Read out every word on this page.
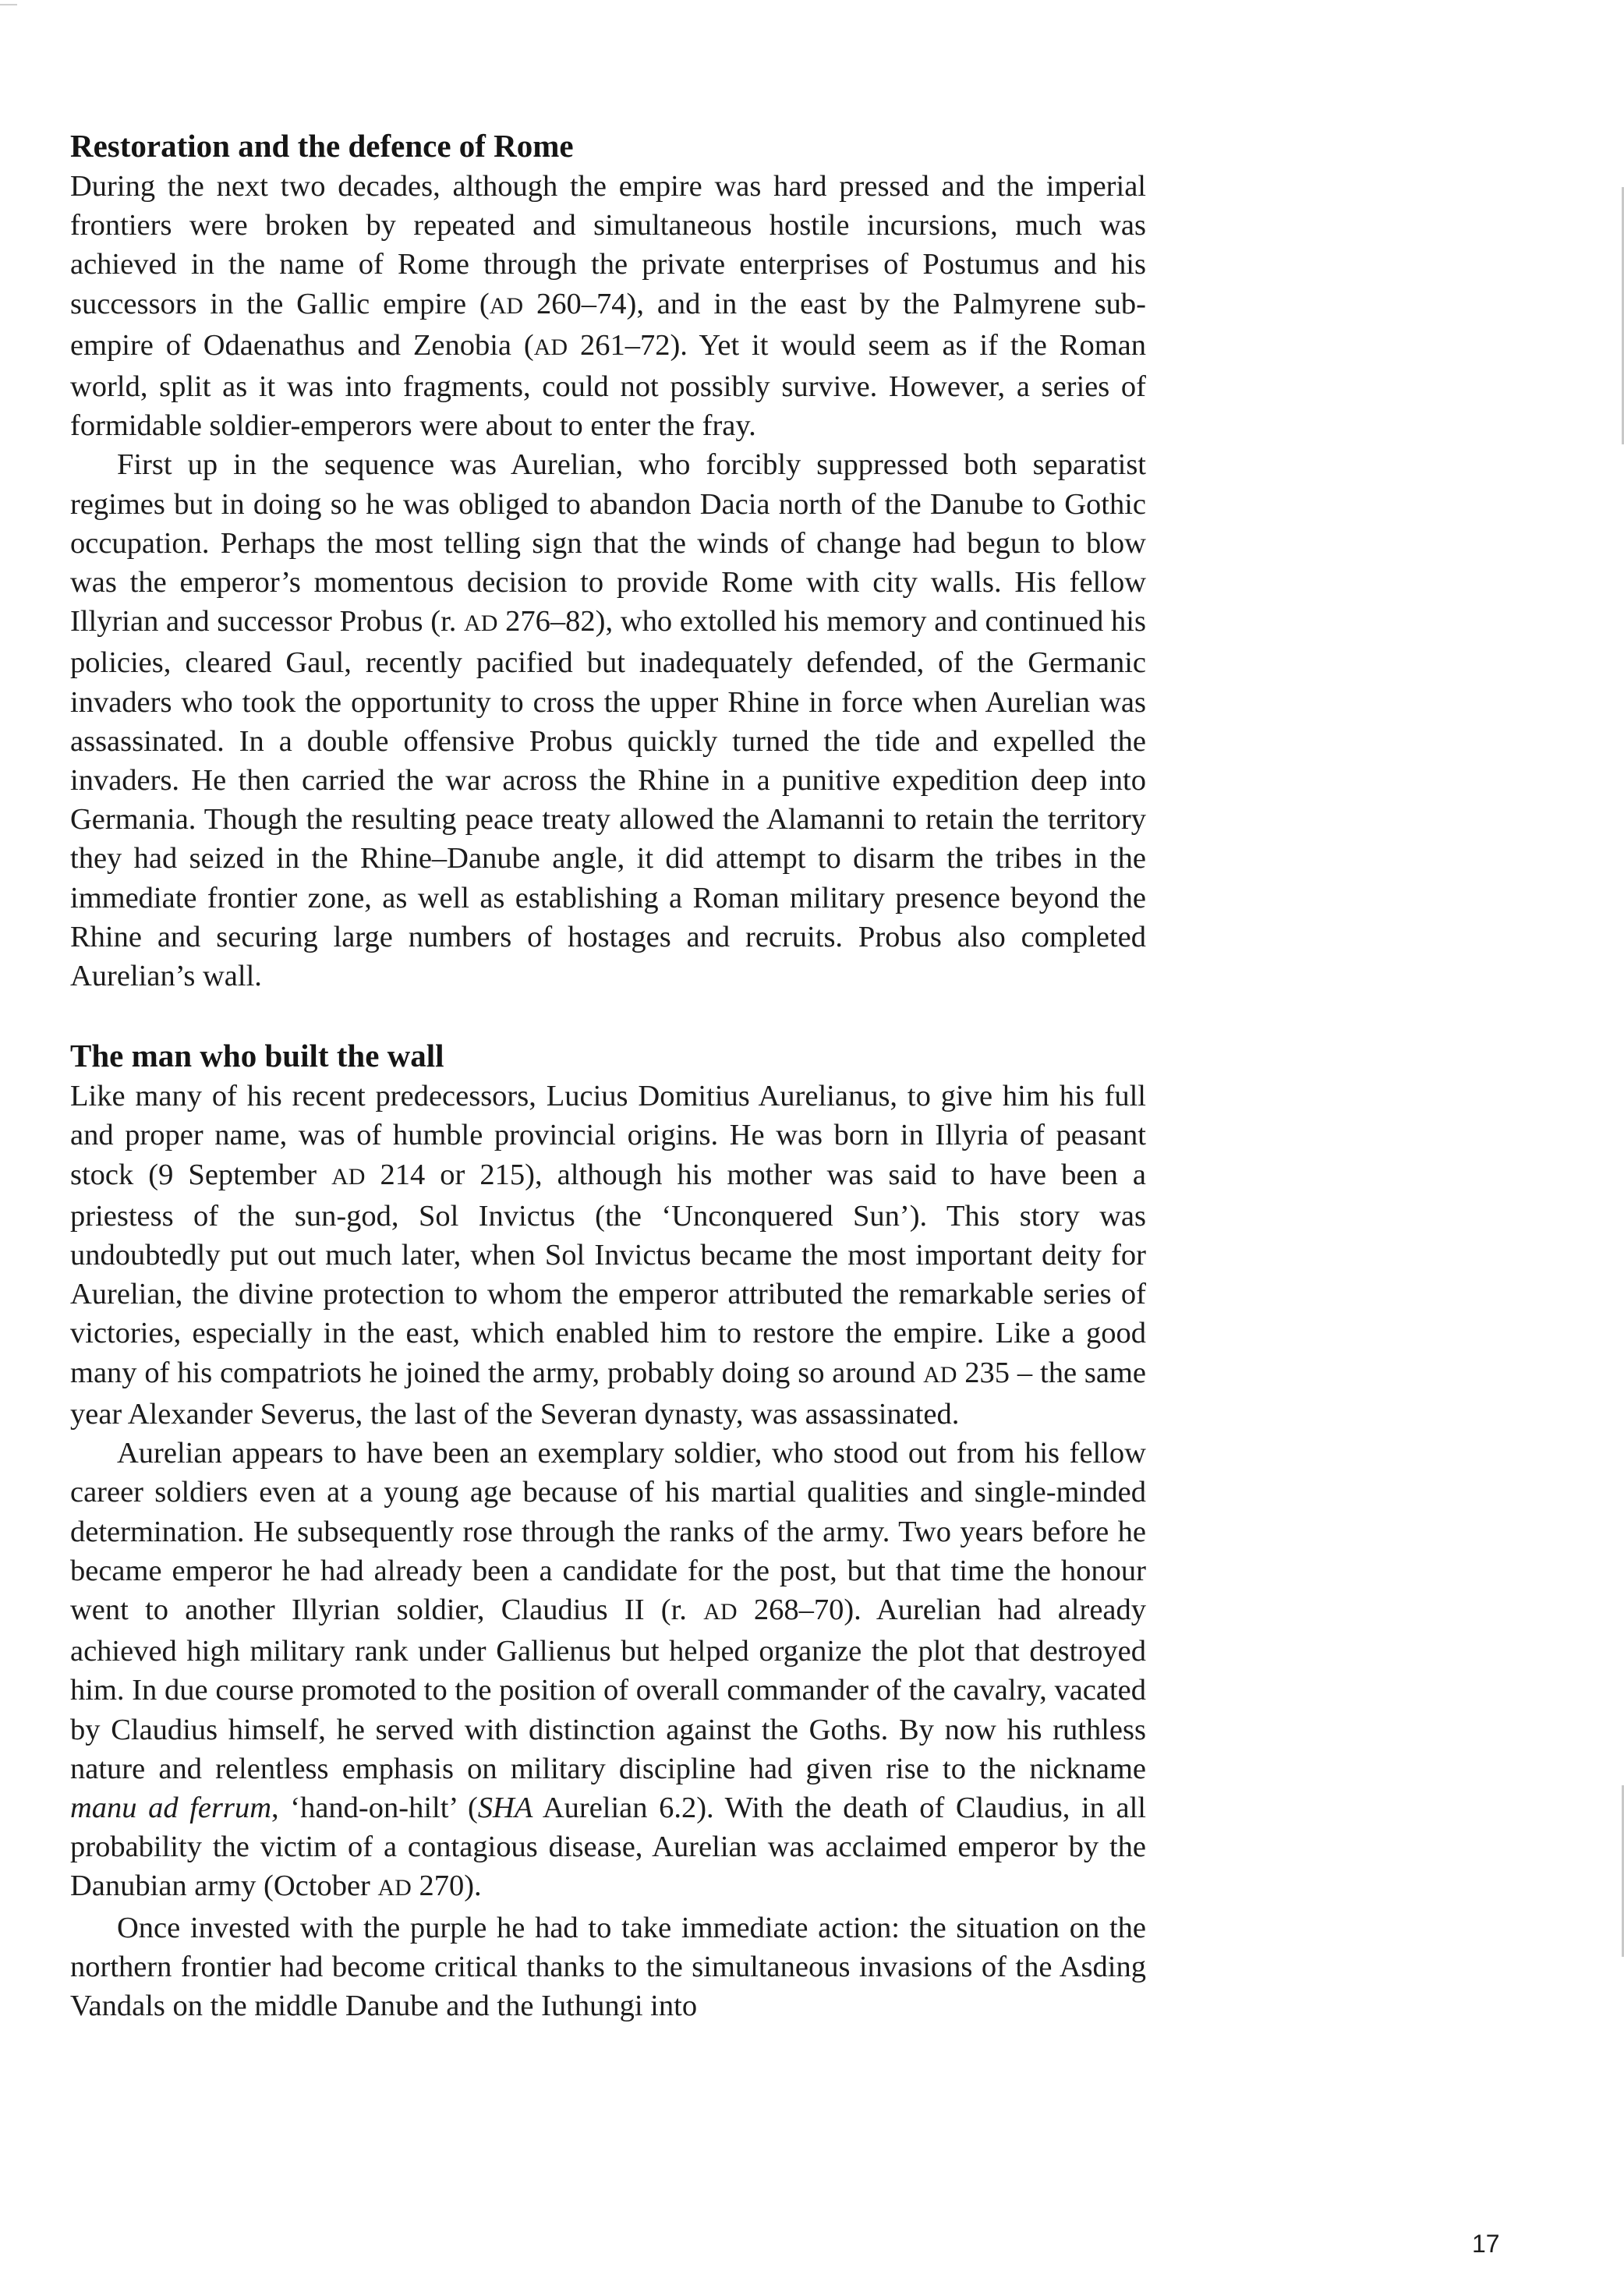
Restoration and the defence of Rome

During the next two decades, although the empire was hard pressed and the imperial frontiers were broken by repeated and simultaneous hostile incursions, much was achieved in the name of Rome through the private enterprises of Postumus and his successors in the Gallic empire (AD 260–74), and in the east by the Palmyrene sub-empire of Odaenathus and Zenobia (AD 261–72). Yet it would seem as if the Roman world, split as it was into fragments, could not possibly survive. However, a series of formidable soldier-emperors were about to enter the fray.

First up in the sequence was Aurelian, who forcibly suppressed both separatist regimes but in doing so he was obliged to abandon Dacia north of the Danube to Gothic occupation. Perhaps the most telling sign that the winds of change had begun to blow was the emperor’s momentous decision to provide Rome with city walls. His fellow Illyrian and successor Probus (r. AD 276–82), who extolled his memory and continued his policies, cleared Gaul, recently pacified but inadequately defended, of the Germanic invaders who took the opportunity to cross the upper Rhine in force when Aurelian was assassinated. In a double offensive Probus quickly turned the tide and expelled the invaders. He then carried the war across the Rhine in a punitive expedition deep into Germania. Though the resulting peace treaty allowed the Alamanni to retain the territory they had seized in the Rhine–Danube angle, it did attempt to disarm the tribes in the immediate frontier zone, as well as establishing a Roman military presence beyond the Rhine and securing large numbers of hostages and recruits. Probus also completed Aurelian’s wall.

The man who built the wall

Like many of his recent predecessors, Lucius Domitius Aurelianus, to give him his full and proper name, was of humble provincial origins. He was born in Illyria of peasant stock (9 September AD 214 or 215), although his mother was said to have been a priestess of the sun-god, Sol Invictus (the ‘Unconquered Sun’). This story was undoubtedly put out much later, when Sol Invictus became the most important deity for Aurelian, the divine protection to whom the emperor attributed the remarkable series of victories, especially in the east, which enabled him to restore the empire. Like a good many of his compatriots he joined the army, probably doing so around AD 235 – the same year Alexander Severus, the last of the Severan dynasty, was assassinated.

Aurelian appears to have been an exemplary soldier, who stood out from his fellow career soldiers even at a young age because of his martial qualities and single-minded determination. He subsequently rose through the ranks of the army. Two years before he became emperor he had already been a candidate for the post, but that time the honour went to another Illyrian soldier, Claudius II (r. AD 268–70). Aurelian had already achieved high military rank under Gallienus but helped organize the plot that destroyed him. In due course promoted to the position of overall commander of the cavalry, vacated by Claudius himself, he served with distinction against the Goths. By now his ruthless nature and relentless emphasis on military discipline had given rise to the nickname manu ad ferrum, ‘hand-on-hilt’ (SHA Aurelian 6.2). With the death of Claudius, in all probability the victim of a contagious disease, Aurelian was acclaimed emperor by the Danubian army (October AD 270).

Once invested with the purple he had to take immediate action: the situation on the northern frontier had become critical thanks to the simultaneous invasions of the Asding Vandals on the middle Danube and the Iuthungi into

17
